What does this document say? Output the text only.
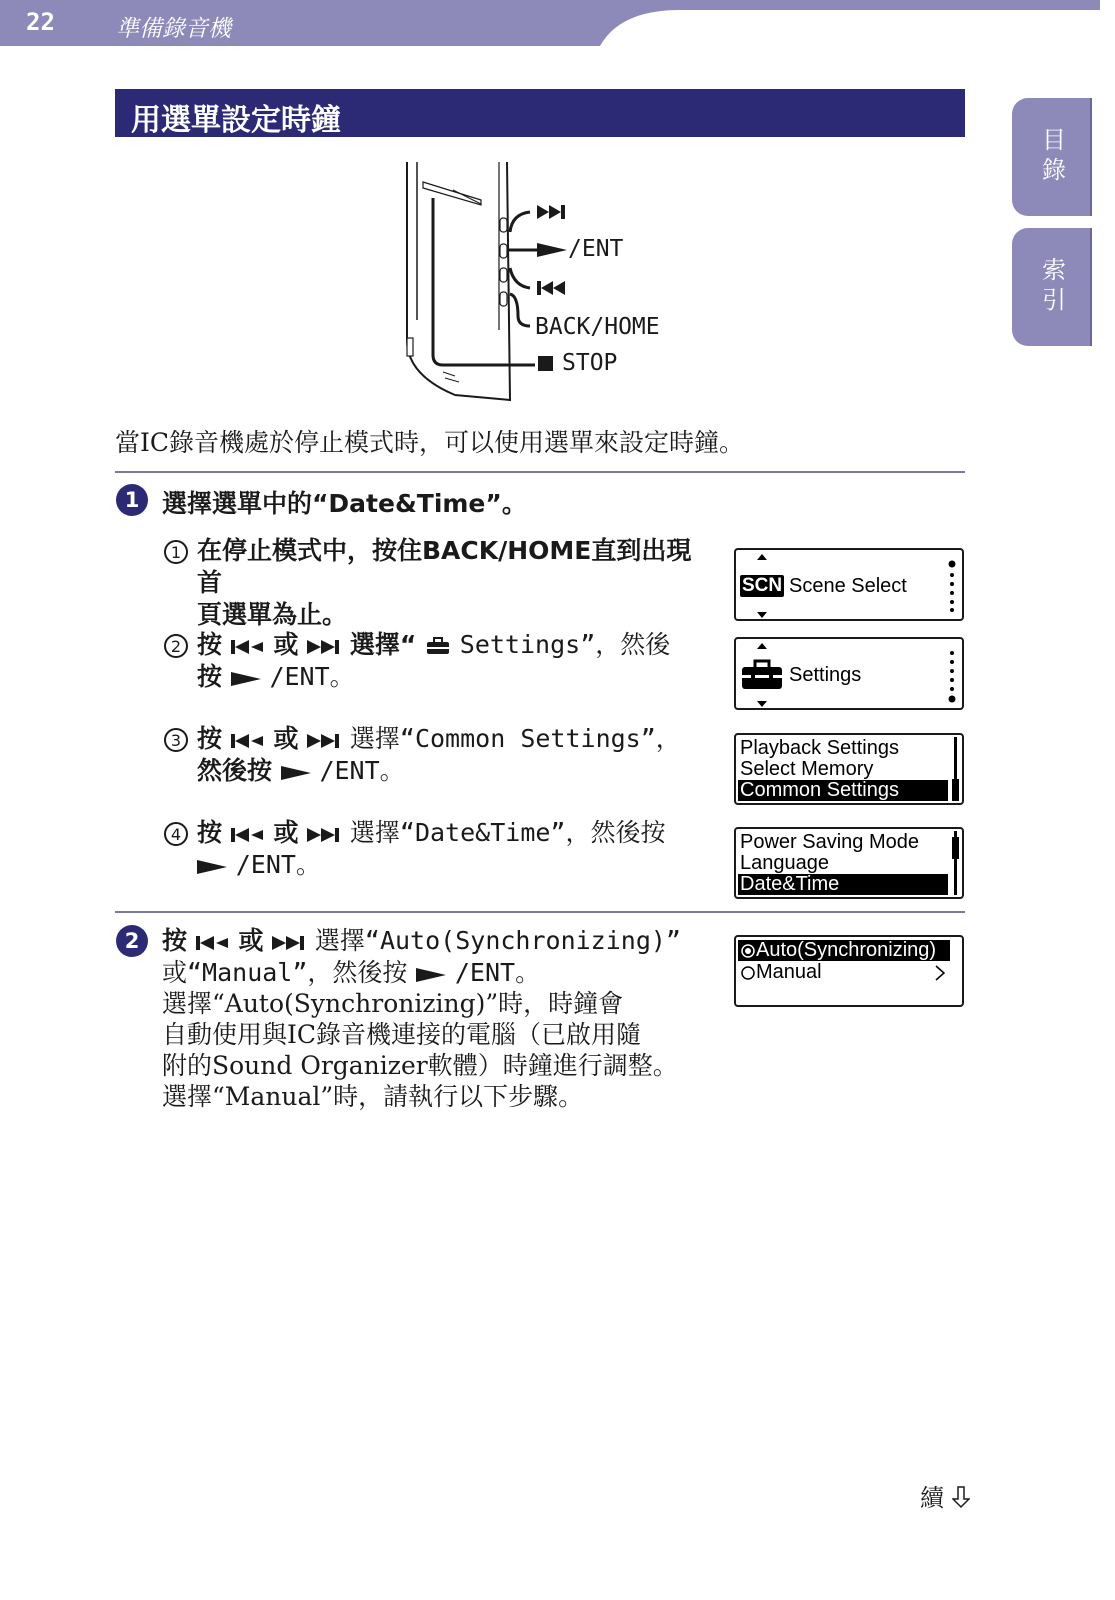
22	準備錄音機
用選單設定時鐘
目錄
索引
/ENT
BACK/HOME
STOP
當IC錄音機處於停止模式時，可以使用選單來設定時鐘。
1 選擇選單中的“Date&Time”。
1 在停止模式中，按住BACK/HOME直到出現首
頁選單為止。
2 按  或  選擇“  Settings”，然後
按 /ENT。
3 按  或  選擇“Common Settings”，
然後按 /ENT。
4 按  或  選擇“Date&Time”，然後按
/ENT。
SCN Scene Select
Settings
Playback Settings
Select Memory
Common Settings
Power Saving Mode
Language
Date&Time
2 按  或  選擇“Auto(Synchronizing)”
或“Manual”，然後按 /ENT。
選擇“Auto(Synchronizing)”時，時鐘會
自動使用與IC錄音機連接的電腦（已啟用隨
附的Sound Organizer軟體）時鐘進行調整。
選擇“Manual”時，請執行以下步驟。
Auto(Synchronizing)
Manual
續
